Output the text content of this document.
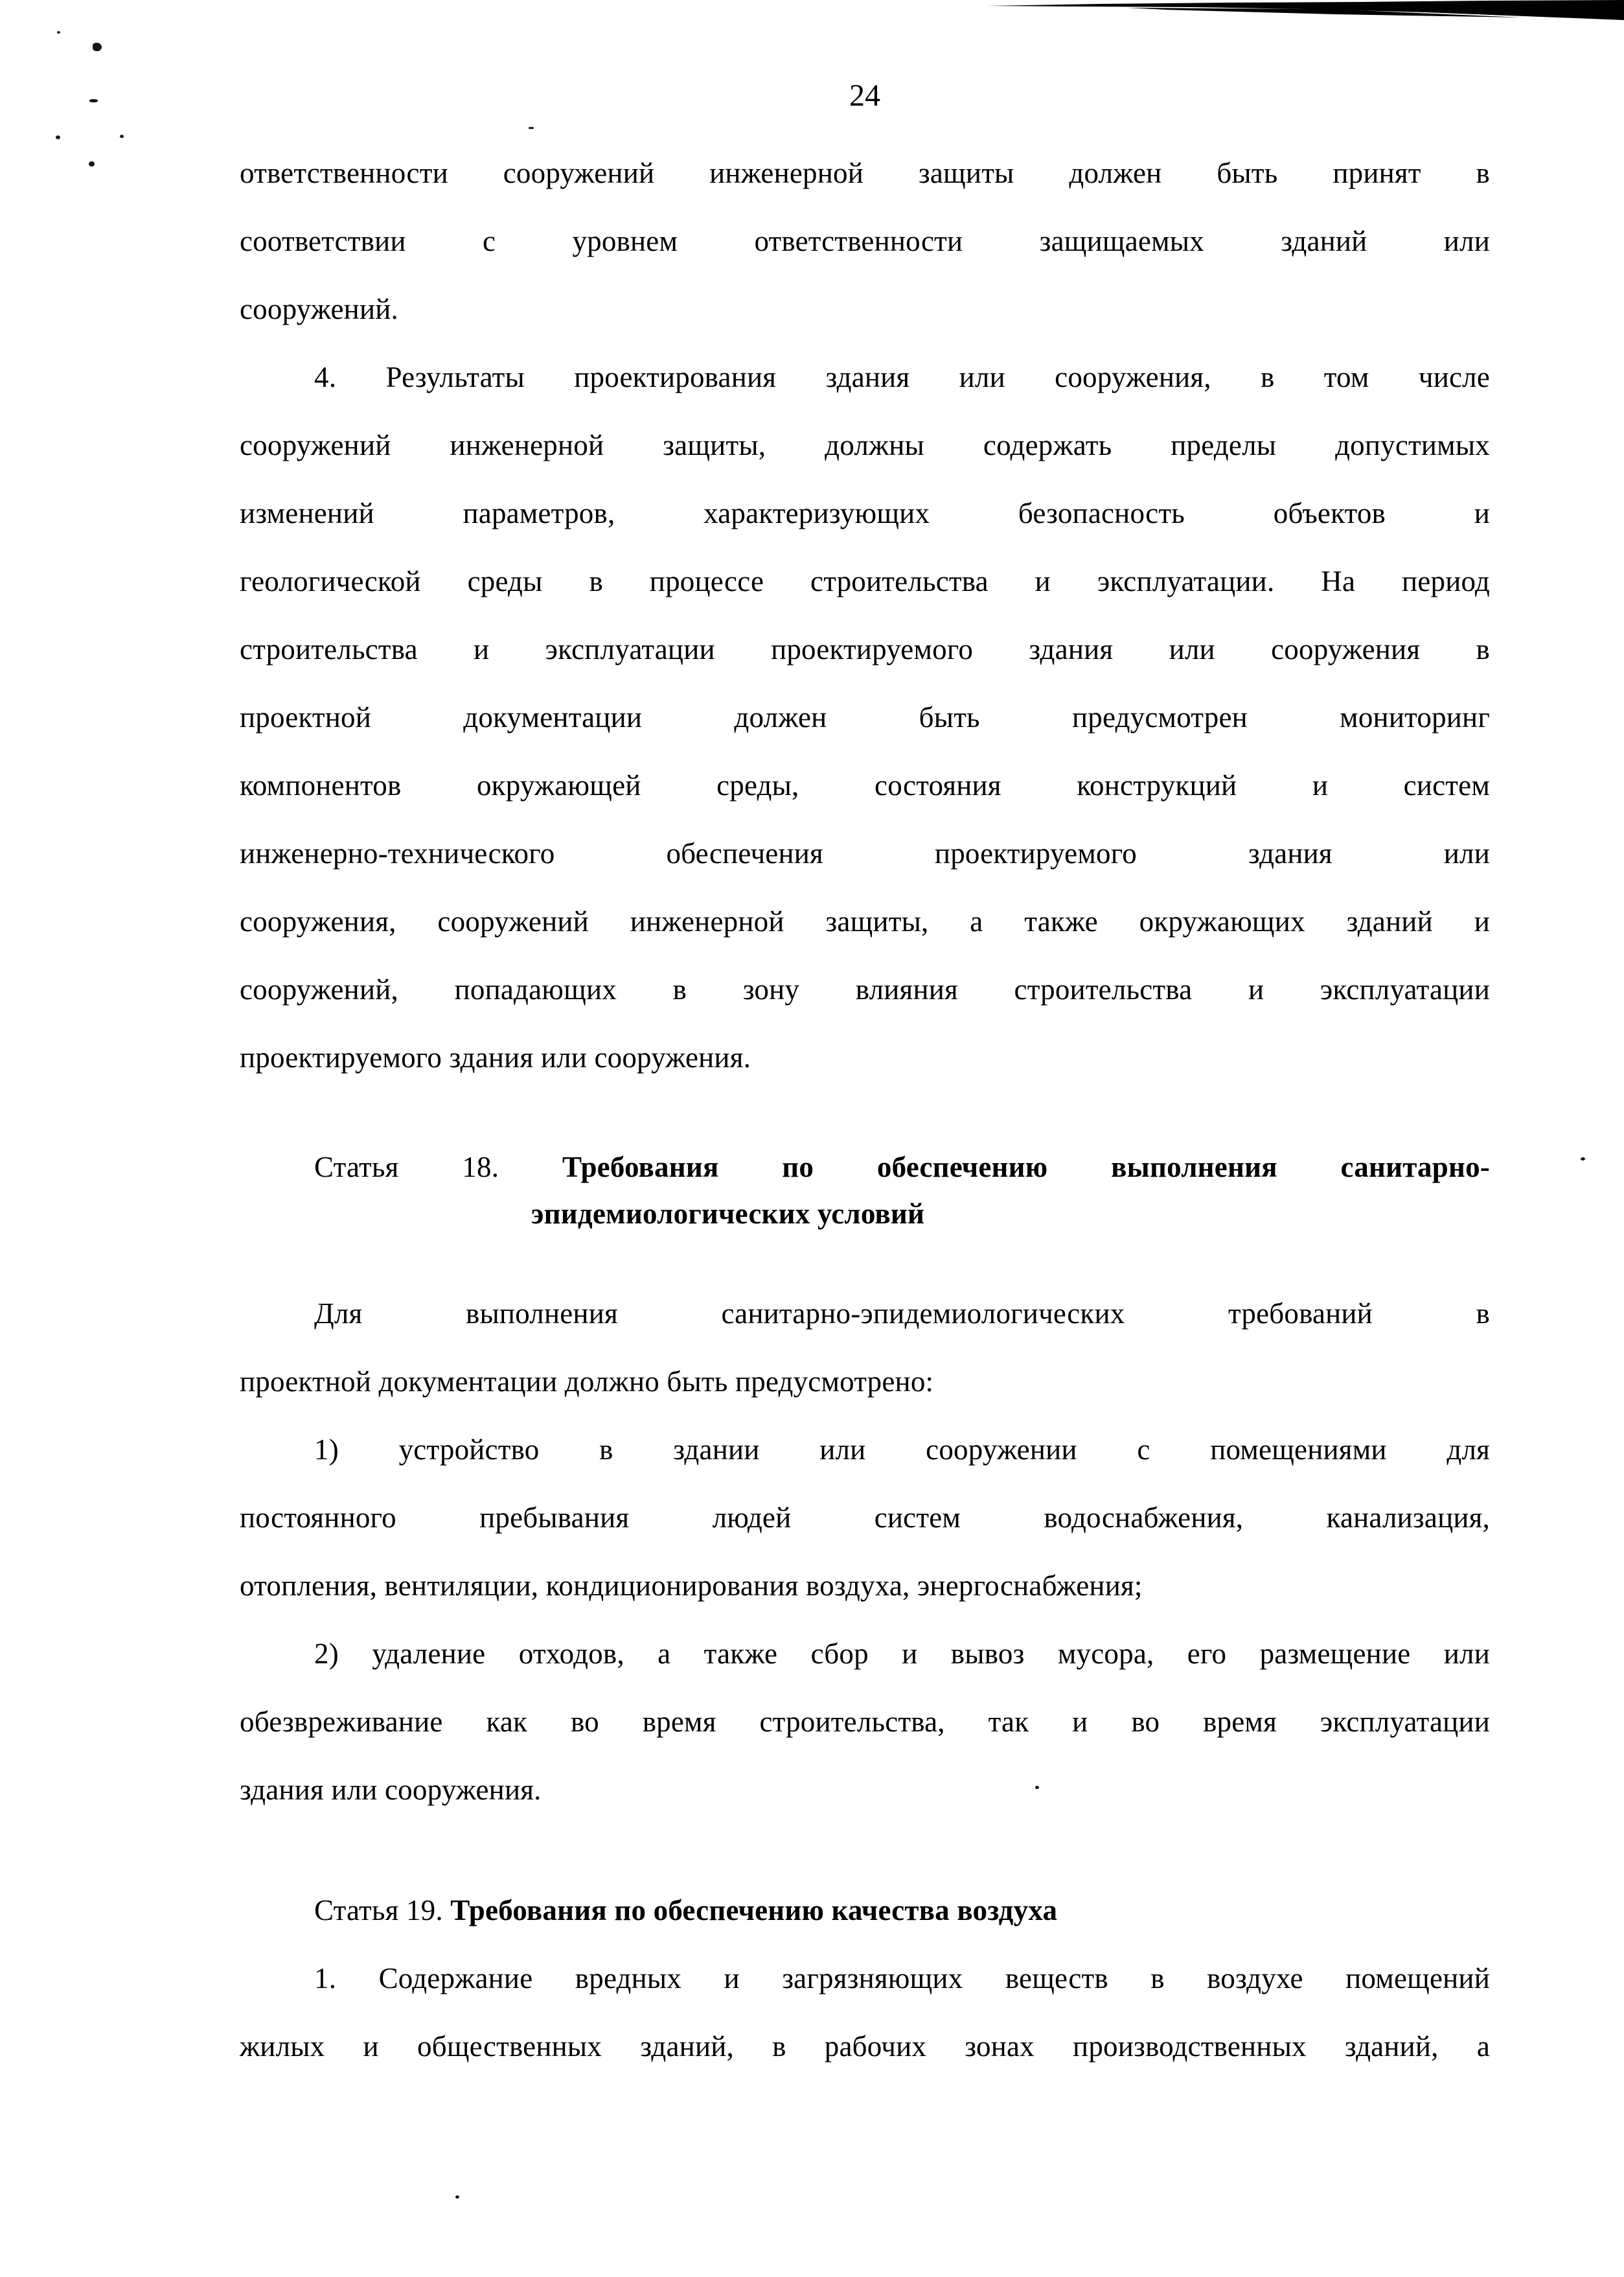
24
ответственности сооружений инженерной защиты должен быть принят в
соответствии с уровнем ответственности защищаемых зданий или
сооружений.
4. Результаты проектирования здания или сооружения, в том числе
сооружений инженерной защиты, должны содержать пределы допустимых
изменений параметров, характеризующих безопасность объектов и
геологической среды в процессе строительства и эксплуатации. На период
строительства и эксплуатации проектируемого здания или сооружения в
проектной документации должен быть предусмотрен мониторинг
компонентов окружающей среды, состояния конструкций и систем
инженерно-технического обеспечения проектируемого здания или
сооружения, сооружений инженерной защиты, а также окружающих зданий и
сооружений, попадающих в зону влияния строительства и эксплуатации
проектируемого здания или сооружения.
Статья 18. Требования по обеспечению выполнения санитарно-
эпидемиологических условий
Для выполнения санитарно-эпидемиологических требований в
проектной документации должно быть предусмотрено:
1) устройство в здании или сооружении с помещениями для
постоянного пребывания людей систем водоснабжения, канализация,
отопления, вентиляции, кондиционирования воздуха, энергоснабжения;
2) удаление отходов, а также сбор и вывоз мусора, его размещение или
обезвреживание как во время строительства, так и во время эксплуатации
здания или сооружения.
Статья 19. Требования по обеспечению качества воздуха
1. Содержание вредных и загрязняющих веществ в воздухе помещений
жилых и общественных зданий, в рабочих зонах производственных зданий, а
